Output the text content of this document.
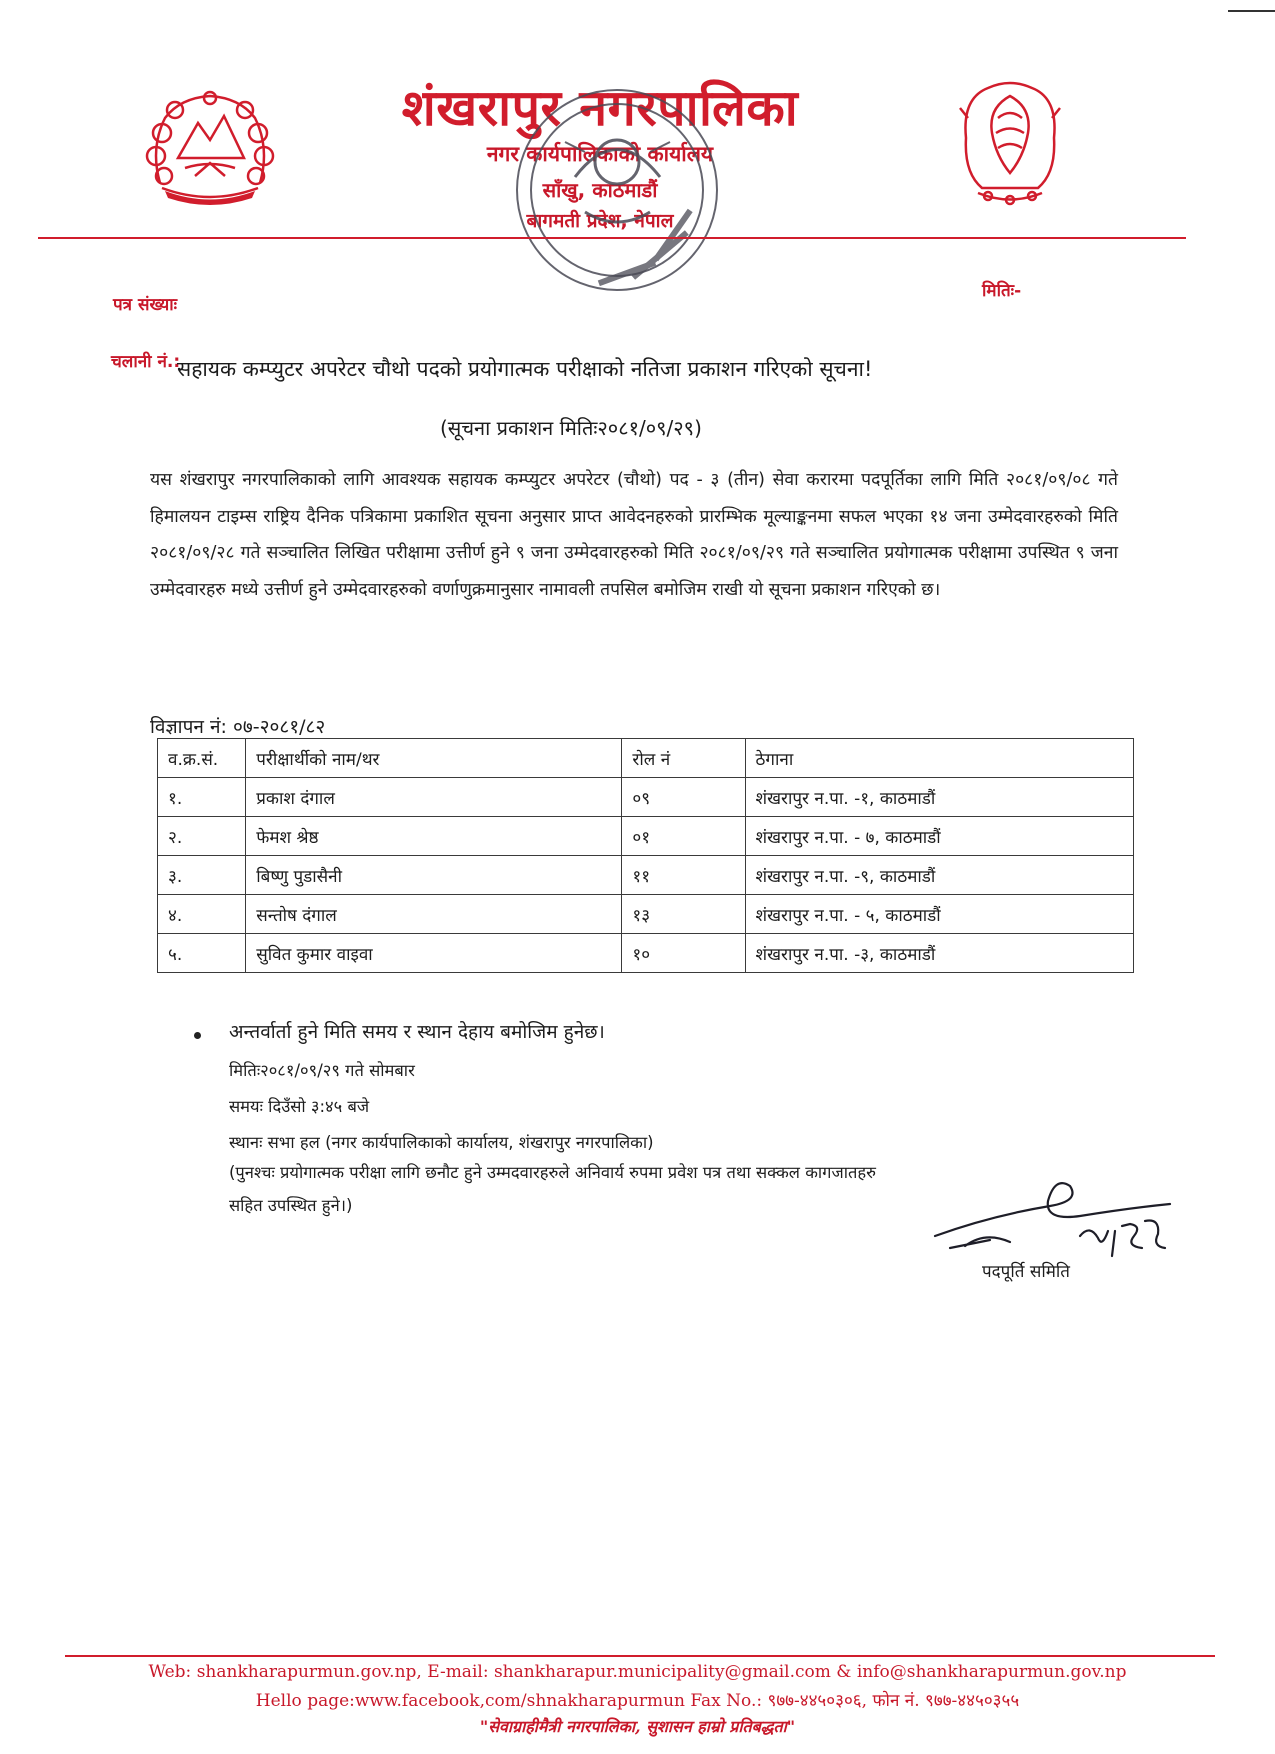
शंखरापुर नगरपालिका
नगर कार्यपालिकाको कार्यालय
साँखु, काठमाडौं
बागमती प्रदेश, नेपाल
पत्र संख्याः
मितिः-
चलानी नं.:
सहायक कम्प्युटर अपरेटर चौथो पदको प्रयोगात्मक परीक्षाको नतिजा प्रकाशन गरिएको सूचना!
(सूचना प्रकाशन मितिः२०८१/०९/२९)
यस शंखरापुर नगरपालिकाको लागि आवश्यक सहायक कम्प्युटर अपरेटर (चौथो) पद - ३ (तीन) सेवा करारमा पदपूर्तिका लागि मिति २०८१/०९/०८ गते हिमालयन टाइम्स राष्ट्रिय दैनिक पत्रिकामा प्रकाशित सूचना अनुसार प्राप्त आवेदनहरुको प्रारम्भिक मूल्याङ्कनमा सफल भएका १४ जना उम्मेदवारहरुको मिति २०८१/०९/२८ गते सञ्चालित लिखित परीक्षामा उत्तीर्ण हुने ९ जना उम्मेदवारहरुको मिति २०८१/०९/२९ गते सञ्चालित प्रयोगात्मक परीक्षामा उपस्थित ९ जना उम्मेदवारहरु मध्ये उत्तीर्ण हुने उम्मेदवारहरुको वर्णाणुक्रमानुसार नामावली तपसिल बमोजिम राखी यो सूचना प्रकाशन गरिएको छ।
विज्ञापन नं: ०७-२०८१/८२
व.क्र.सं.	परीक्षार्थीको नाम/थर	रोल नं	ठेगाना
१.	प्रकाश दंगाल	०९	शंखरापुर न.पा. -१, काठमाडौं
२.	फेमश श्रेष्ठ	०१	शंखरापुर न.पा. - ७, काठमाडौं
३.	बिष्णु पुडासैनी	११	शंखरापुर न.पा. -९, काठमाडौं
४.	सन्तोष दंगाल	१३	शंखरापुर न.पा. - ५, काठमाडौं
५.	सुवित कुमार वाइवा	१०	शंखरापुर न.पा. -३, काठमाडौं
अन्तर्वार्ता हुने मिति समय र स्थान देहाय बमोजिम हुनेछ।
मितिः२०८१/०९/२९ गते सोमबार
समयः दिउँसो ३:४५ बजे
स्थानः सभा हल (नगर कार्यपालिकाको कार्यालय, शंखरापुर नगरपालिका)
(पुनश्चः प्रयोगात्मक परीक्षा लागि छनौट हुने उम्मदवारहरुले अनिवार्य रुपमा प्रवेश पत्र तथा सक्कल कागजातहरु
सहित उपस्थित हुने।)
पदपूर्ति समिति
Web: shankharapurmun.gov.np, E-mail: shankharapur.municipality@gmail.com & info@shankharapurmun.gov.np
Hello page:www.facebook,com/shnakharapurmun Fax No.: ९७७-४४५०३०६, फोन नं. ९७७-४४५०३५५
"सेवाग्राहीमैत्री नगरपालिका, सुशासन हाम्रो प्रतिबद्धता"
